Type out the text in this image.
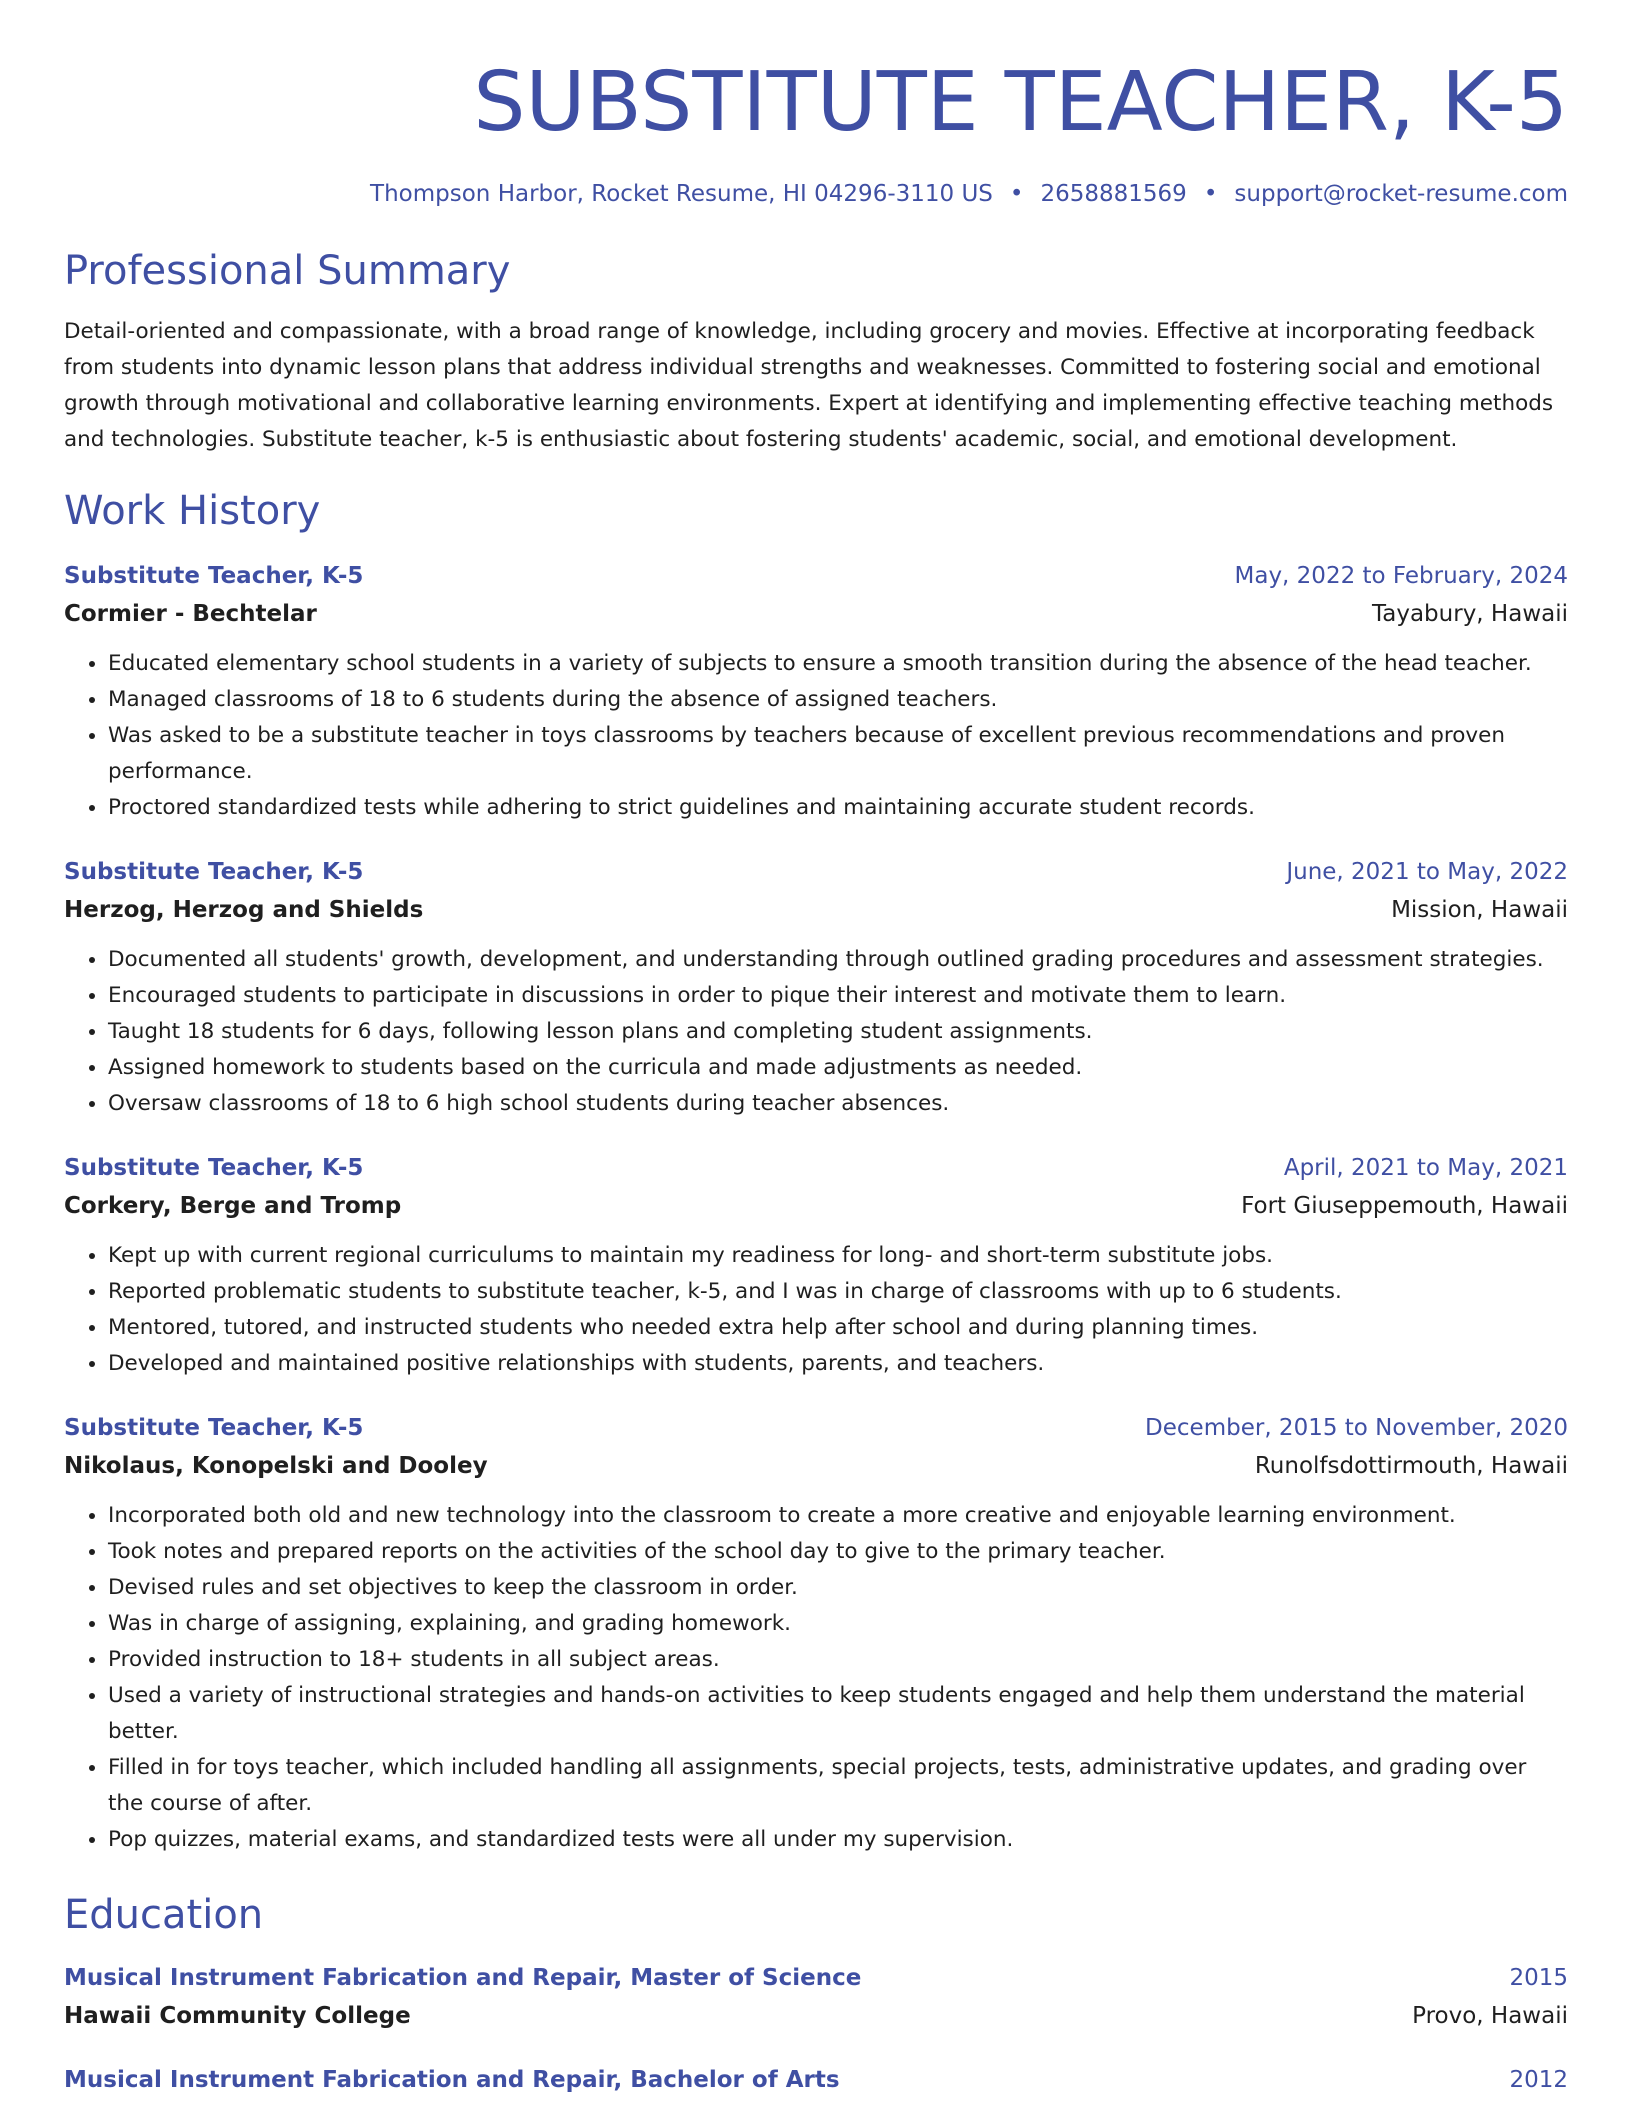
SUBSTITUTE TEACHER, K-5
Thompson Harbor, Rocket Resume, HI 04296-3110 US • 2658881569 • support@rocket-resume.com
Professional Summary
Detail-oriented and compassionate, with a broad range of knowledge, including grocery and movies. Effective at incorporating feedback from students into dynamic lesson plans that address individual strengths and weaknesses. Committed to fostering social and emotional growth through motivational and collaborative learning environments. Expert at identifying and implementing effective teaching methods and technologies. Substitute teacher, k-5 is enthusiastic about fostering students' academic, social, and emotional development.
Work History
Substitute Teacher, K-5	May, 2022 to February, 2024
Cormier - Bechtelar	Tayabury, Hawaii
• Educated elementary school students in a variety of subjects to ensure a smooth transition during the absence of the head teacher.
• Managed classrooms of 18 to 6 students during the absence of assigned teachers.
• Was asked to be a substitute teacher in toys classrooms by teachers because of excellent previous recommendations and proven performance.
• Proctored standardized tests while adhering to strict guidelines and maintaining accurate student records.
Substitute Teacher, K-5	June, 2021 to May, 2022
Herzog, Herzog and Shields	Mission, Hawaii
• Documented all students' growth, development, and understanding through outlined grading procedures and assessment strategies.
• Encouraged students to participate in discussions in order to pique their interest and motivate them to learn.
• Taught 18 students for 6 days, following lesson plans and completing student assignments.
• Assigned homework to students based on the curricula and made adjustments as needed.
• Oversaw classrooms of 18 to 6 high school students during teacher absences.
Substitute Teacher, K-5	April, 2021 to May, 2021
Corkery, Berge and Tromp	Fort Giuseppemouth, Hawaii
• Kept up with current regional curriculums to maintain my readiness for long- and short-term substitute jobs.
• Reported problematic students to substitute teacher, k-5, and I was in charge of classrooms with up to 6 students.
• Mentored, tutored, and instructed students who needed extra help after school and during planning times.
• Developed and maintained positive relationships with students, parents, and teachers.
Substitute Teacher, K-5	December, 2015 to November, 2020
Nikolaus, Konopelski and Dooley	Runolfsdottirmouth, Hawaii
• Incorporated both old and new technology into the classroom to create a more creative and enjoyable learning environment.
• Took notes and prepared reports on the activities of the school day to give to the primary teacher.
• Devised rules and set objectives to keep the classroom in order.
• Was in charge of assigning, explaining, and grading homework.
• Provided instruction to 18+ students in all subject areas.
• Used a variety of instructional strategies and hands-on activities to keep students engaged and help them understand the material better.
• Filled in for toys teacher, which included handling all assignments, special projects, tests, administrative updates, and grading over the course of after.
• Pop quizzes, material exams, and standardized tests were all under my supervision.
Education
Musical Instrument Fabrication and Repair, Master of Science	2015
Hawaii Community College	Provo, Hawaii
Musical Instrument Fabrication and Repair, Bachelor of Arts	2012
